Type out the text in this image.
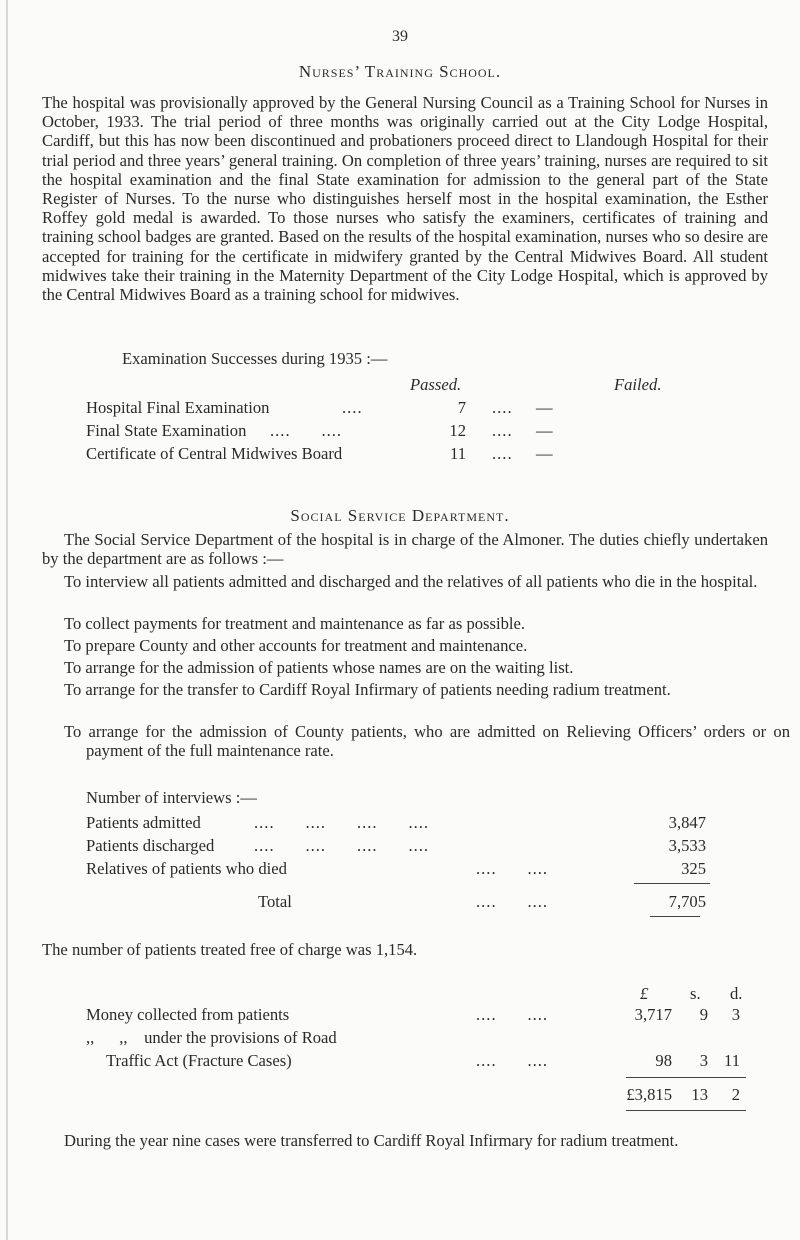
39
Nurses’ Training School.

The hospital was provisionally approved by the General Nursing Council as a Training School for Nurses in October, 1933. The trial period of three months was originally carried out at the City Lodge Hospital, Cardiff, but this has now been discontinued and probationers proceed direct to Llandough Hospital for their trial period and three years’ general training. On completion of three years’ training, nurses are required to sit the hospital examination and the final State examination for admission to the general part of the State Register of Nurses. To the nurse who distinguishes herself most in the hospital examination, the Esther Roffey gold medal is awarded. To those nurses who satisfy the examiners, certificates of training and training school badges are granted. Based on the results of the hospital examination, nurses who so desire are accepted for training for the certificate in midwifery granted by the Central Midwives Board. All student midwives take their training in the Maternity Department of the City Lodge Hospital, which is approved by the Central Midwives Board as a training school for midwives.

Examination Successes during 1935 :—
Passed.	Failed.
Hospital Final Examination	....	7 .... —
Final State Examination ....      ....	12 .... —
Certificate of Central Midwives Board	11 .... —
Social Service Department.

The Social Service Department of the hospital is in charge of the Almoner. The duties chiefly undertaken by the department are as follows :—

To interview all patients admitted and discharged and the relatives of all patients who die in the hospital.

To collect payments for treatment and maintenance as far as possible.

To prepare County and other accounts for treatment and maintenance.

To arrange for the admission of patients whose names are on the waiting list.

To arrange for the transfer to Cardiff Royal Infirmary of patients needing radium treatment.

To arrange for the admission of County patients, who are admitted on Relieving Officers’ orders or on payment of the full maintenance rate.

Number of interviews :—
Patients admitted	....      ....      ....      ....	3,847
Patients discharged ....      ....      ....      ....	3,533
Relatives of patients who died	....      ....	325
Total	....      ....	7,705
The number of patients treated free of charge was 1,154.
£	s. d.
Money collected from patients	....      ....	3,717	9	3
,,      ,,    under the provisions of Road
Traffic Act (Fracture Cases)	....      ....	98	3 11
£3,815	13	2

During the year nine cases were transferred to Cardiff Royal Infirmary for radium treatment.
